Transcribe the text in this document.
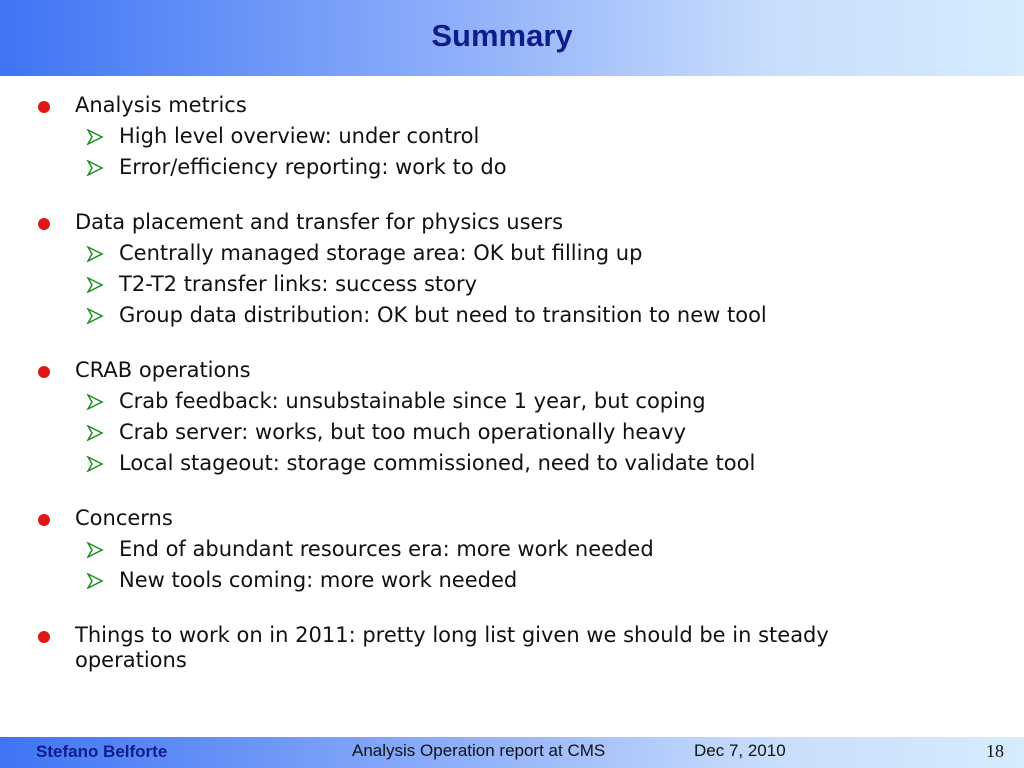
Summary
Analysis metrics
High level overview: under control
Error/efficiency reporting: work to do
Data placement and transfer for physics users
Centrally managed storage area: OK but filling up
T2-T2 transfer links: success story
Group data distribution: OK but need to transition to new tool
CRAB operations
Crab feedback: unsubstainable since 1 year, but coping
Crab server: works, but too much operationally heavy
Local stageout: storage commissioned, need to validate tool
Concerns
End of abundant resources era: more work needed
New tools coming: more work needed
Things to work on in 2011: pretty long list given we should be in steady operations
Stefano Belforte	Analysis Operation report at CMS	Dec 7, 2010	18
